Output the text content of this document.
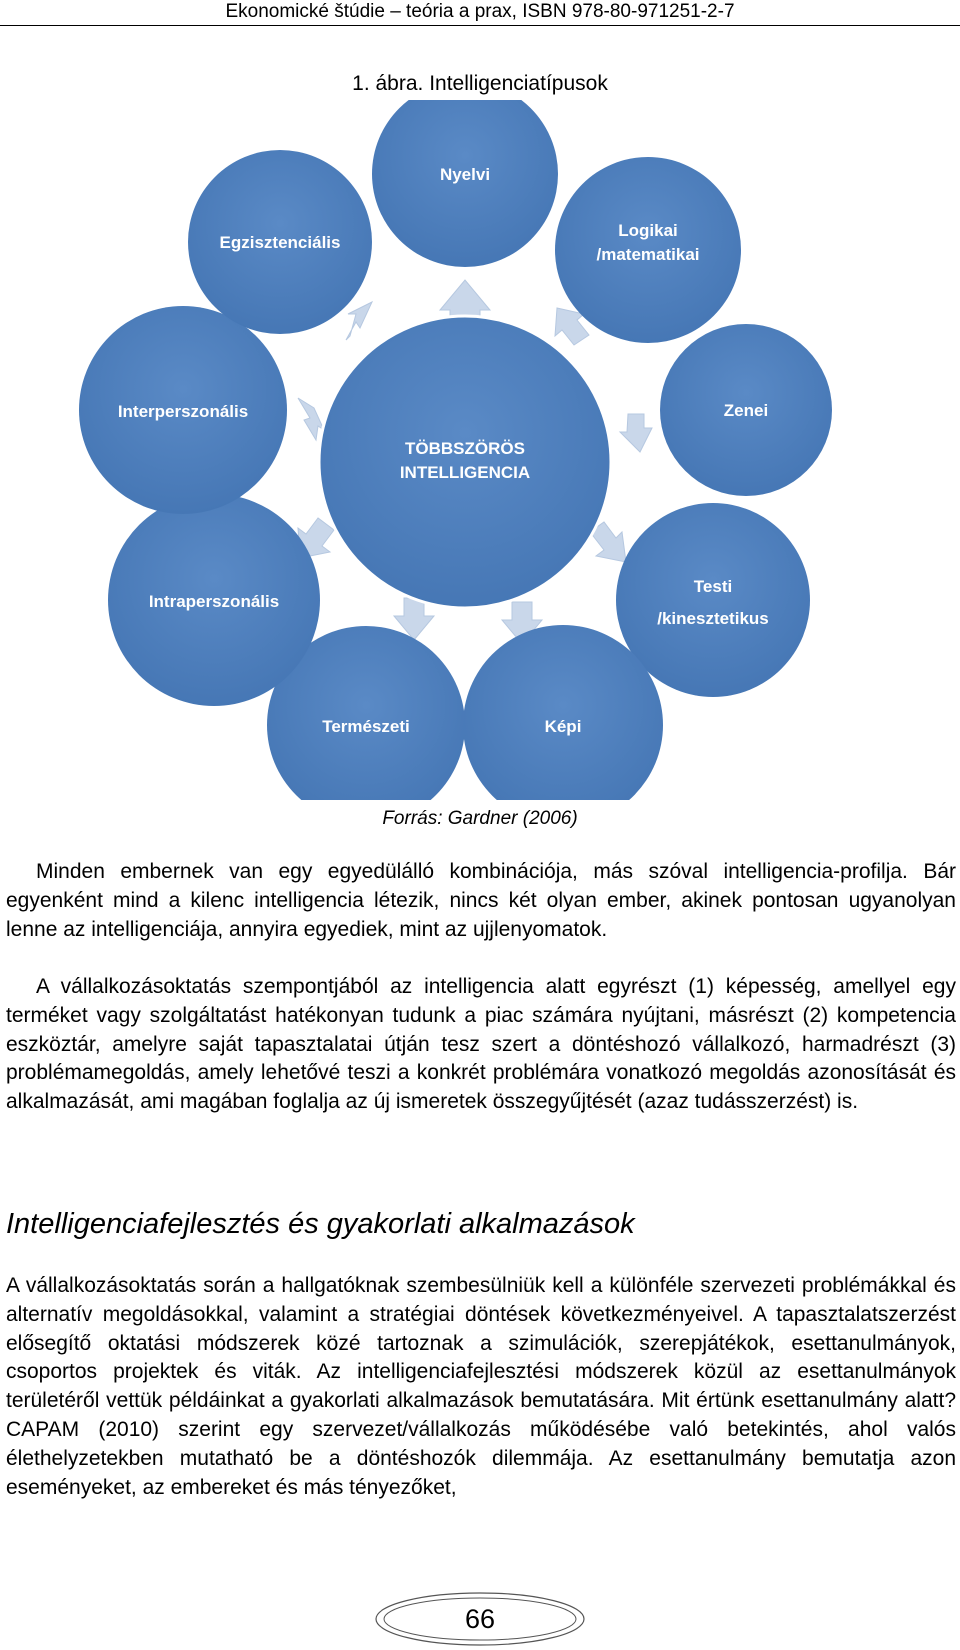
Ekonomické štúdie – teória a prax, ISBN 978-80-971251-2-7
1. ábra. Intelligenciatípusok
Nyelvi
Logikai
/matematikai
Zenei
Testi
/kinesztetikus
Képi
Természeti
Intraperszonális
Interperszonális
Egzisztenciális
TÖBBSZÖRÖS
INTELLIGENCIA
Forrás: Gardner (2006)

Minden embernek van egy egyedülálló kombinációja, más szóval intelligencia-profilja. Bár egyenként mind a kilenc intelligencia létezik, nincs két olyan ember, akinek pontosan ugyanolyan lenne az intelligenciája, annyira egyediek, mint az ujjlenyomatok.

A vállalkozásoktatás szempontjából az intelligencia alatt egyrészt (1) képesség, amellyel egy terméket vagy szolgáltatást hatékonyan tudunk a piac számára nyújtani, másrészt (2) kompetencia eszköztár, amelyre saját tapasztalatai útján tesz szert a döntéshozó vállalkozó, harmadrészt (3) problémamegoldás, amely lehetővé teszi a konkrét problémára vonatkozó megoldás azonosítását és alkalmazását, ami magában foglalja az új ismeretek összegyűjtését (azaz tudásszerzést) is.

Intelligenciafejlesztés és gyakorlati alkalmazások

A vállalkozásoktatás során a hallgatóknak szembesülniük kell a különféle szervezeti problémákkal és alternatív megoldásokkal, valamint a stratégiai döntések következményeivel. A tapasztalatszerzést elősegítő oktatási módszerek közé tartoznak a szimulációk, szerepjátékok, esettanulmányok, csoportos projektek és viták. Az intelligenciafejlesztési módszerek közül az esettanulmányok területéről vettük példáinkat a gyakorlati alkalmazások bemutatására. Mit értünk esettanulmány alatt? CAPAM (2010) szerint egy szervezet/vállalkozás működésébe való betekintés, ahol valós élethelyzetekben mutatható be a döntéshozók dilemmája. Az esettanulmány bemutatja azon eseményeket, az embereket és más tényezőket,

66
